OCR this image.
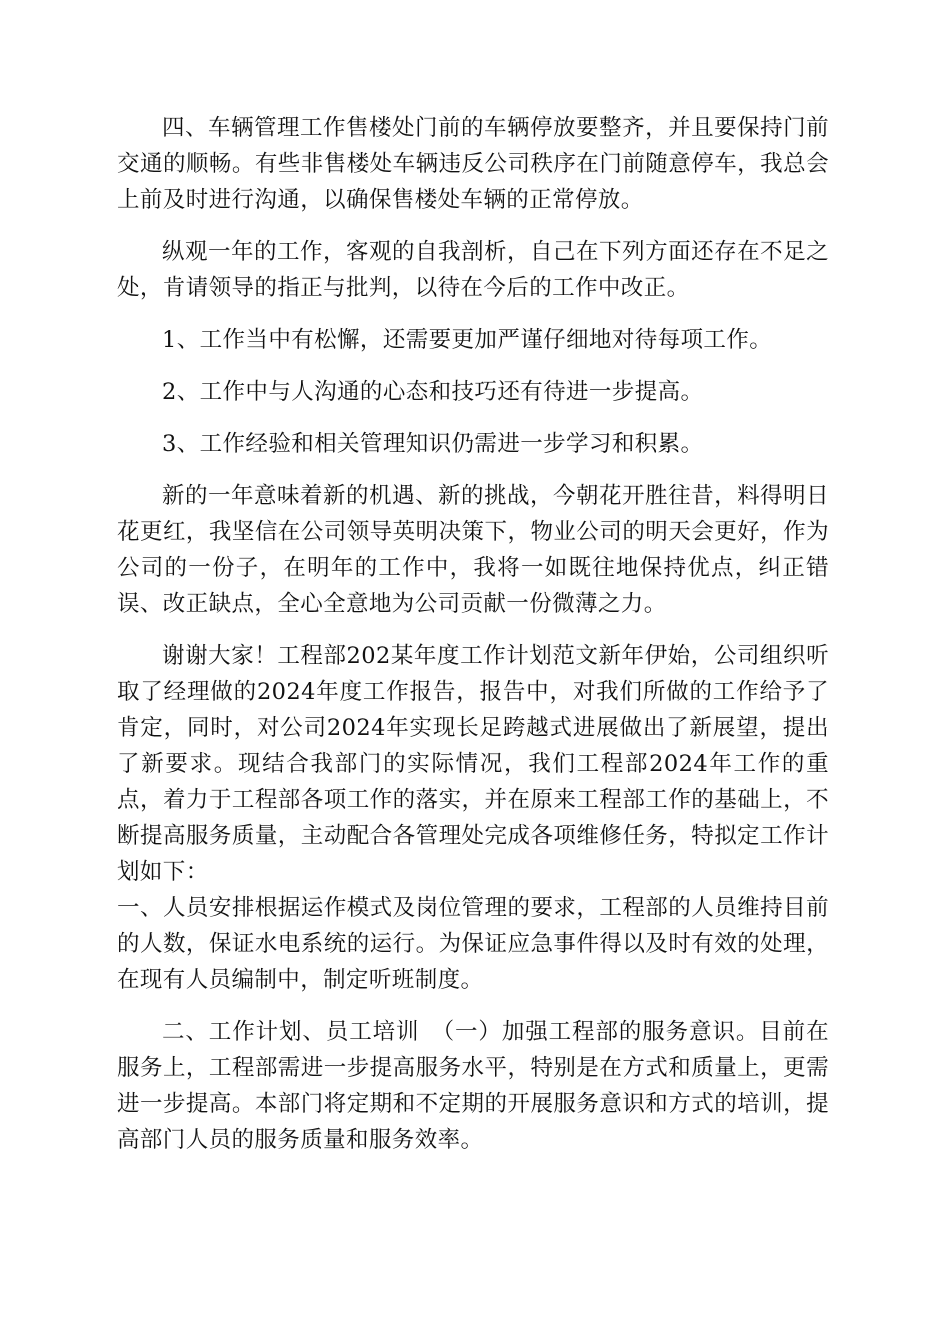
四、车辆管理工作售楼处门前的车辆停放要整齐，并且要保持门前交通的顺畅。有些非售楼处车辆违反公司秩序在门前随意停车，我总会上前及时进行沟通，以确保售楼处车辆的正常停放。

纵观一年的工作，客观的自我剖析，自己在下列方面还存在不足之处，肯请领导的指正与批判，以待在今后的工作中改正。

1、工作当中有松懈，还需要更加严谨仔细地对待每项工作。

2、工作中与人沟通的心态和技巧还有待进一步提高。

3、工作经验和相关管理知识仍需进一步学习和积累。

新的一年意味着新的机遇、新的挑战，今朝花开胜往昔，料得明日花更红，我坚信在公司领导英明决策下，物业公司的明天会更好，作为公司的一份子，在明年的工作中，我将一如既往地保持优点，纠正错误、改正缺点，全心全意地为公司贡献一份微薄之力。

谢谢大家！工程部202某年度工作计划范文新年伊始，公司组织听取了经理做的2024年度工作报告，报告中，对我们所做的工作给予了肯定，同时，对公司2024年实现长足跨越式进展做出了新展望，提出了新要求。现结合我部门的实际情况，我们工程部2024年工作的重点，着力于工程部各项工作的落实，并在原来工程部工作的基础上，不断提高服务质量，主动配合各管理处完成各项维修任务，特拟定工作计划如下：

一、人员安排根据运作模式及岗位管理的要求，工程部的人员维持目前的人数，保证水电系统的运行。为保证应急事件得以及时有效的处理，在现有人员编制中，制定听班制度。

二、工作计划、员工培训　（一）加强工程部的服务意识。目前在服务上，工程部需进一步提高服务水平，特别是在方式和质量上，更需进一步提高。本部门将定期和不定期的开展服务意识和方式的培训，提高部门人员的服务质量和服务效率。
